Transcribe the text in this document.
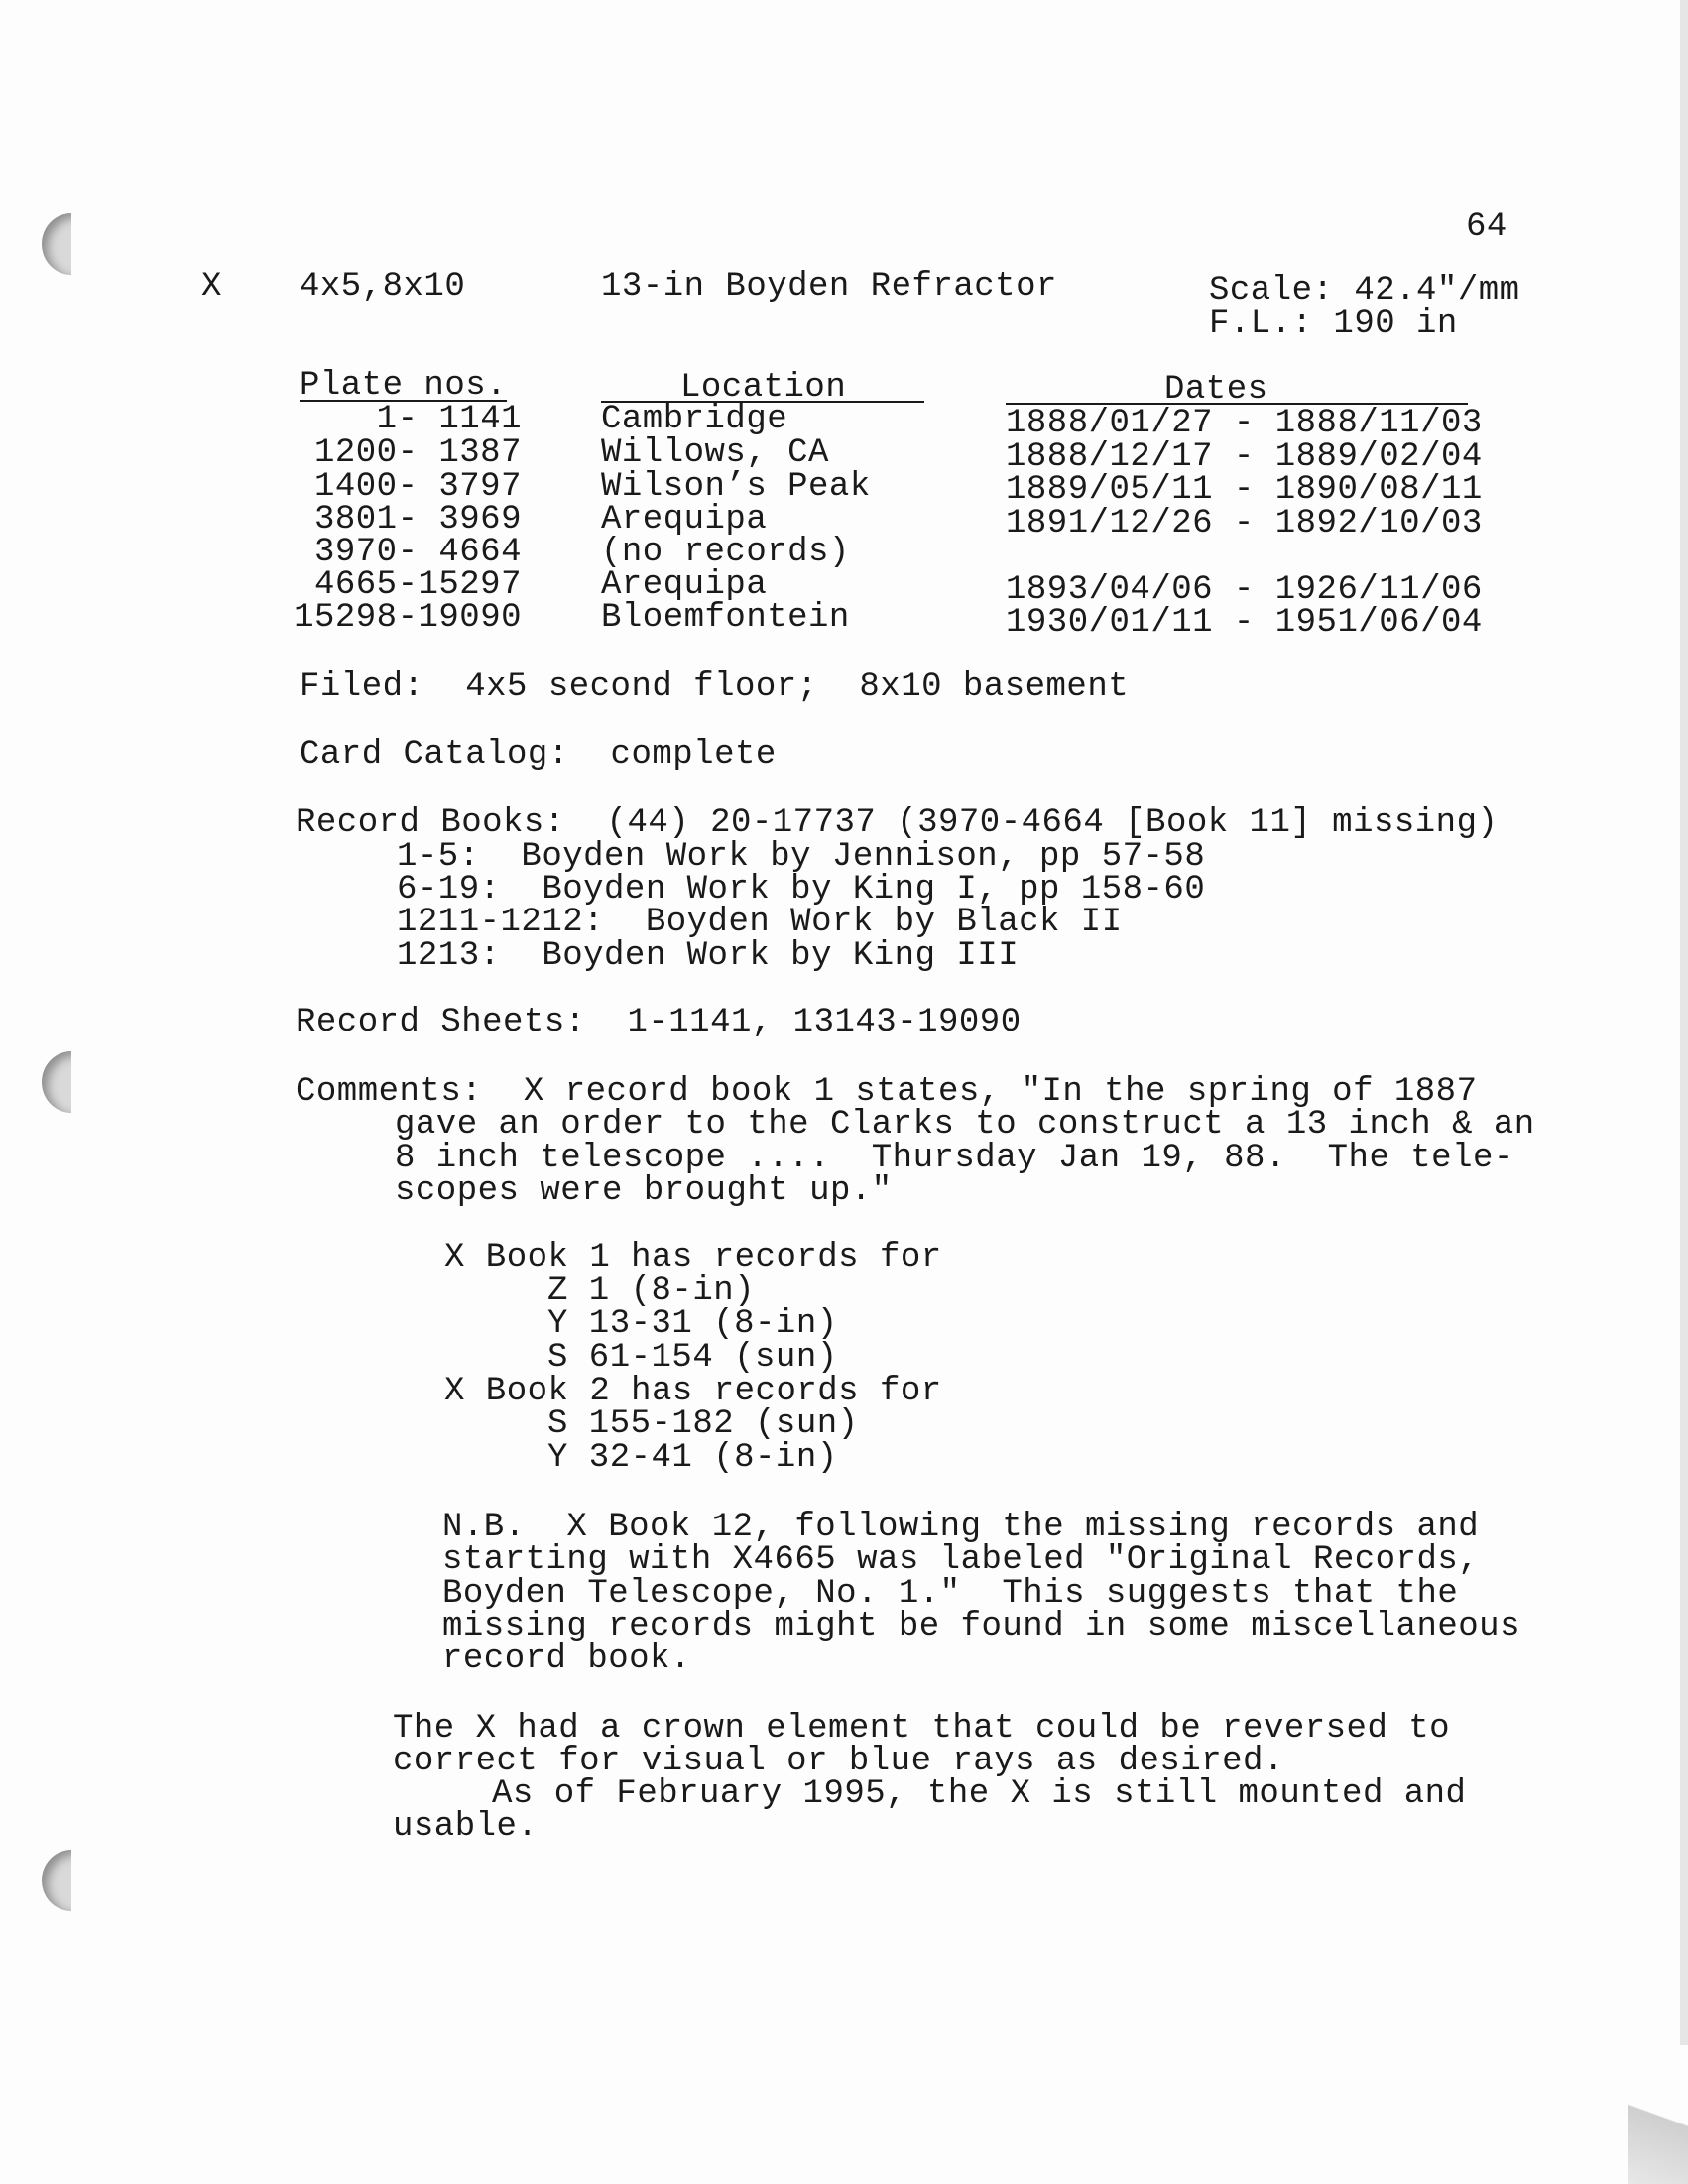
64
X 4x5,8x10	13-in Boyden Refractor	Scale: 42.4"/mm
F.L.: 190 in
Plate nos.	Location	Dates
1- 1141 Cambridge	1888/01/27 - 1888/11/03
1200- 1387 Willows, CA	1888/12/17 - 1889/02/04
1400- 3797 Wilson’s Peak	1889/05/11 - 1890/08/11
3801- 3969 Arequipa	1891/12/26 - 1892/10/03
3970- 4664 (no records)
4665-15297 Arequipa	1893/04/06 - 1926/11/06
15298-19090 Bloemfontein	1930/01/11 - 1951/06/04
Filed:  4x5 second floor;  8x10 basement
Card Catalog:  complete
Record Books:  (44) 20-17737 (3970-4664 [Book 11] missing)
1-5:  Boyden Work by Jennison, pp 57-58
6-19:  Boyden Work by King I, pp 158-60
1211-1212:  Boyden Work by Black II
1213:  Boyden Work by King III
Record Sheets:  1-1141, 13143-19090
Comments:  X record book 1 states, "In the spring of 1887
gave an order to the Clarks to construct a 13 inch & an
8 inch telescope ....  Thursday Jan 19, 88.  The tele-
scopes were brought up."
X Book 1 has records for
Z 1 (8-in)
Y 13-31 (8-in)
S 61-154 (sun)
X Book 2 has records for
S 155-182 (sun)
Y 32-41 (8-in)
N.B.  X Book 12, following the missing records and
starting with X4665 was labeled "Original Records,
Boyden Telescope, No. 1."  This suggests that the
missing records might be found in some miscellaneous
record book.
The X had a crown element that could be reversed to
correct for visual or blue rays as desired.
As of February 1995, the X is still mounted and
usable.
